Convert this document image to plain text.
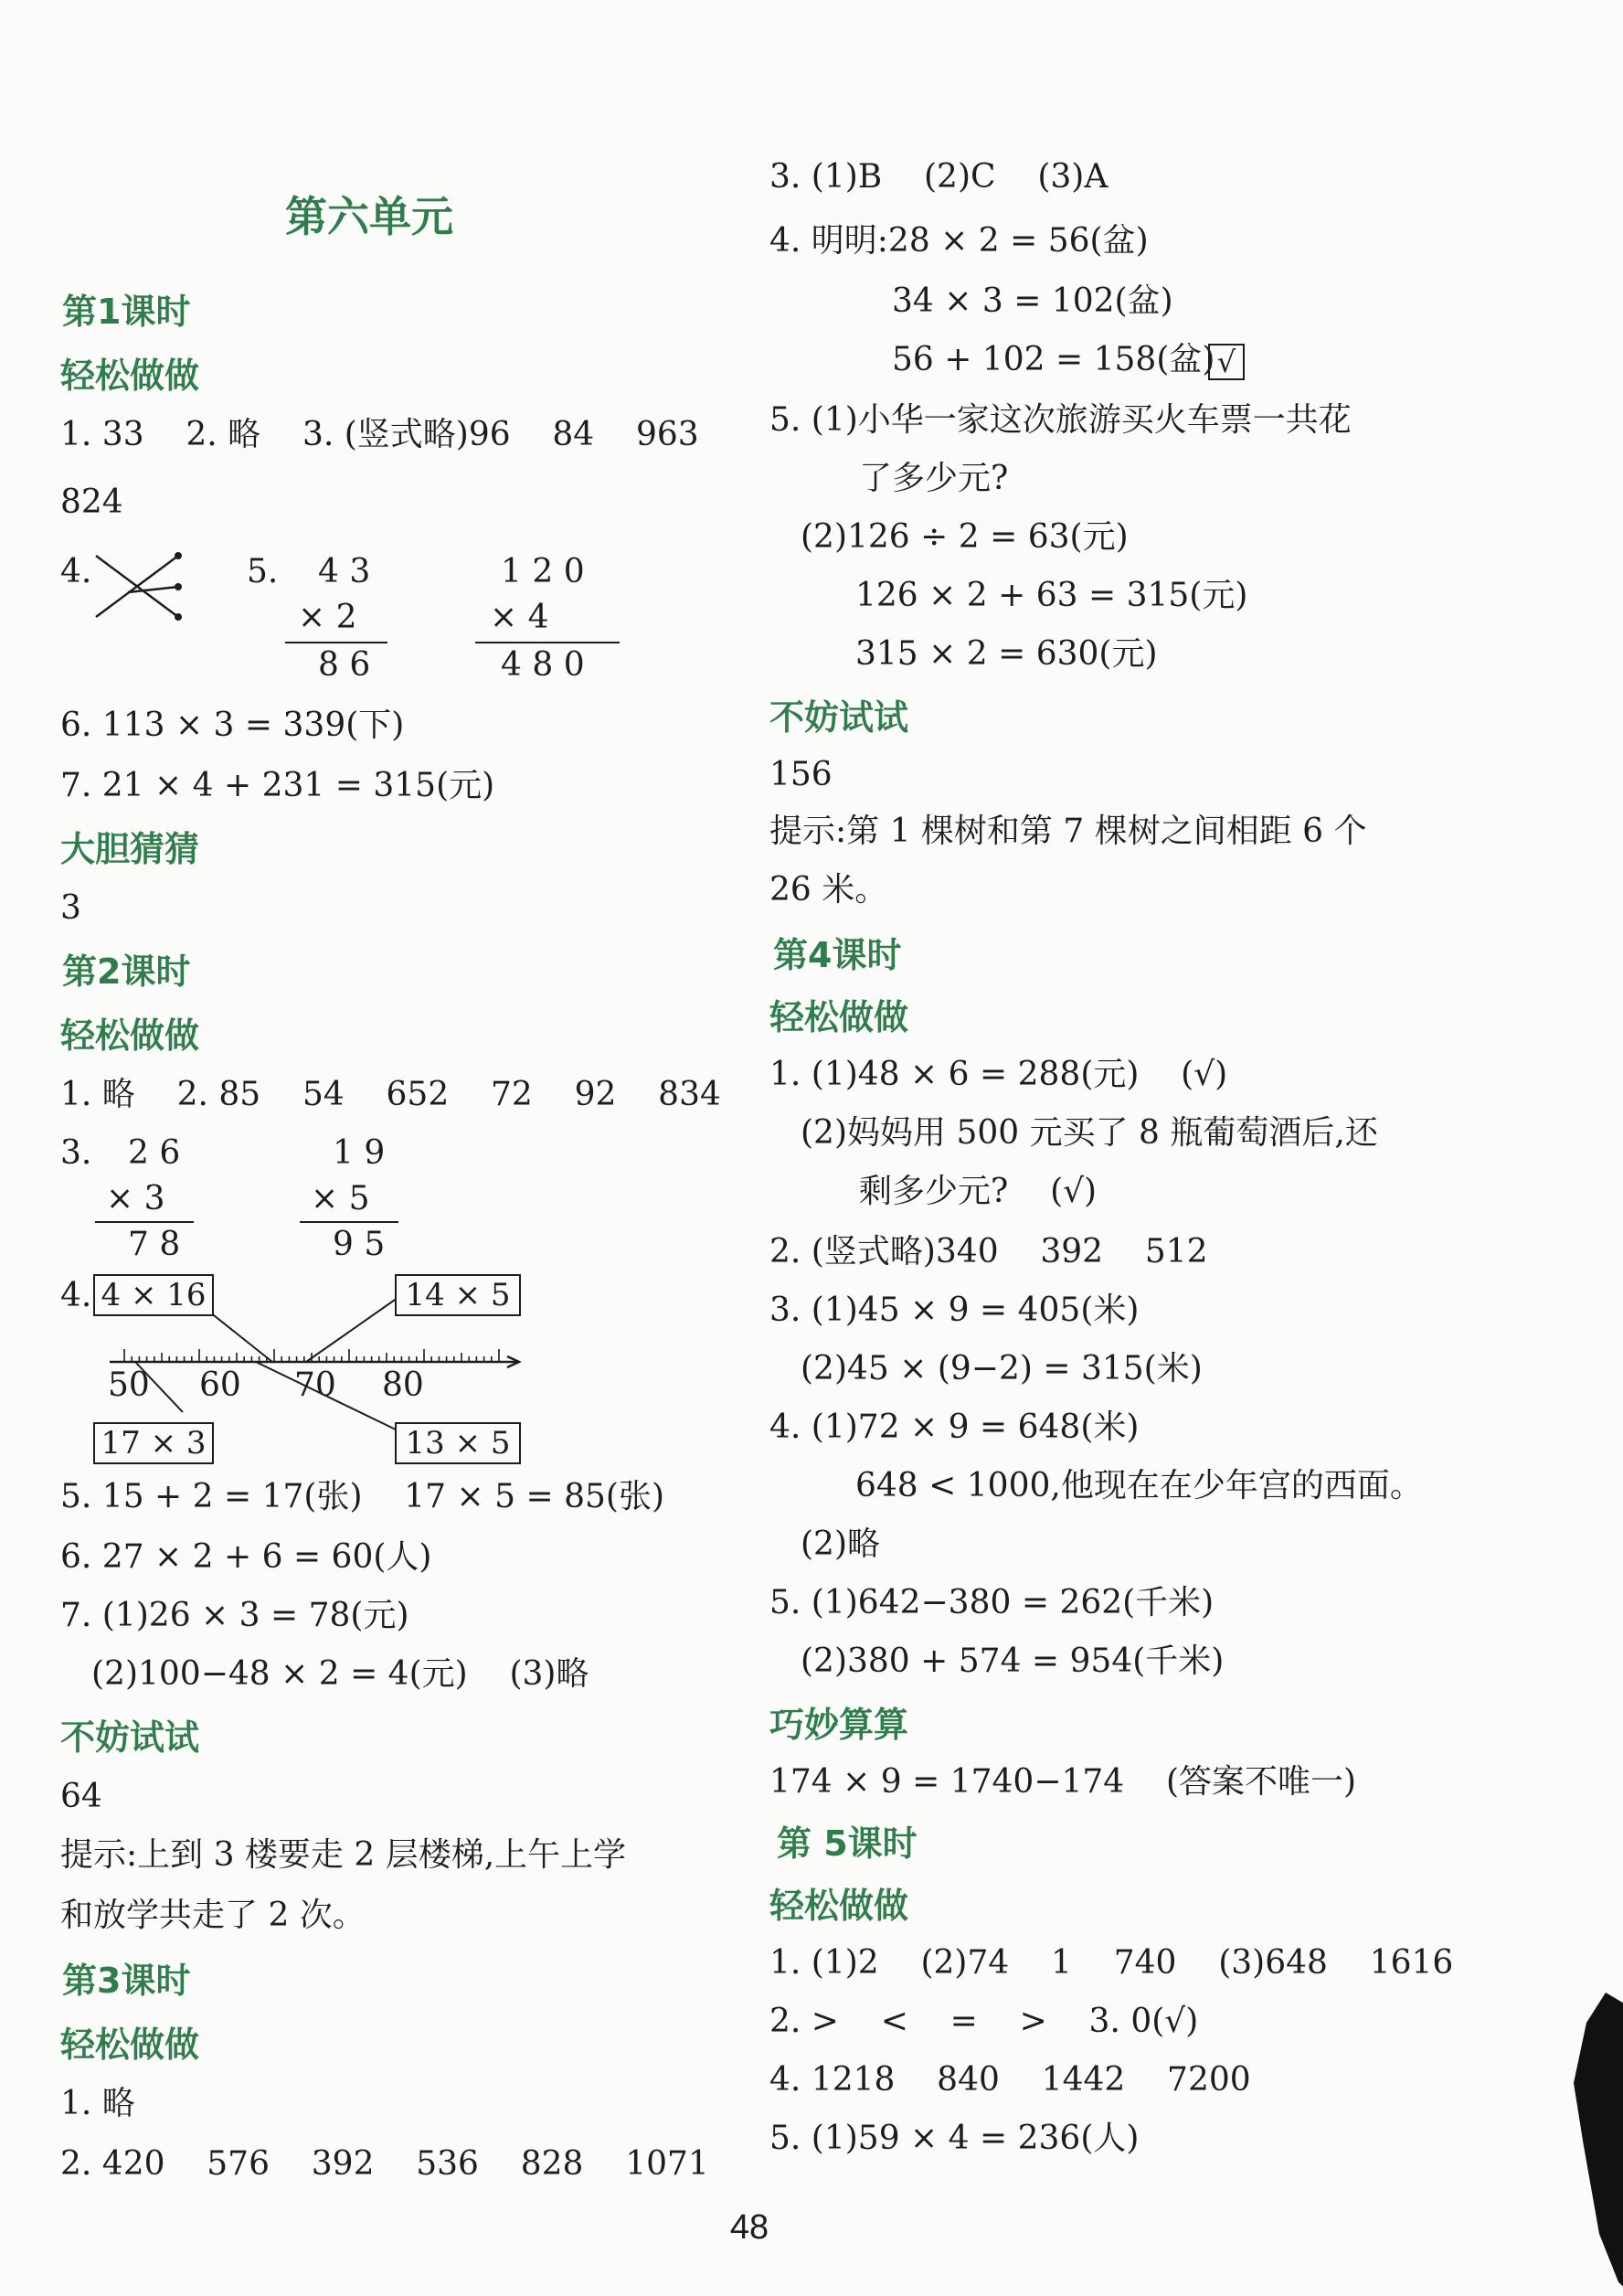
第六单元
第1课时
轻松做做
1. 33    2. 略    3. (竖式略)96    84    963
824
4.	5. 4 3
× 2
8 6
1 2 0
× 4
4 8 0
6. 113 × 3 = 339(下)
7. 21 × 4 + 231 = 315(元)
大胆猜猜
3
第2课时
轻松做做
1. 略    2. 85    54    652    72    92    834
3. 2 6
× 3
7 8
1 9
× 5
9 5
4. 4 × 16	14 × 5
50 60 70 80
17 × 3	13 × 5
5. 15 + 2 = 17(张)    17 × 5 = 85(张)
6. 27 × 2 + 6 = 60(人)
7. (1)26 × 3 = 78(元)
(2)100−48 × 2 = 4(元)    (3)略
不妨试试
64
提示:上到 3 楼要走 2 层楼梯,上午上学
和放学共走了 2 次。
第3课时
轻松做做
1. 略
2. 420    576    392    536    828    1071
3. (1)B    (2)C    (3)A
4. 明明:28 × 2 = 56(盆)
34 × 3 = 102(盆)
56 + 102 = 158(盆) √
5. (1)小华一家这次旅游买火车票一共花
了多少元?
(2)126 ÷ 2 = 63(元)
126 × 2 + 63 = 315(元)
315 × 2 = 630(元)
不妨试试
156
提示:第 1 棵树和第 7 棵树之间相距 6 个
26 米。
第4课时
轻松做做
1. (1)48 × 6 = 288(元)    (√)
(2)妈妈用 500 元买了 8 瓶葡萄酒后,还
剩多少元?    (√)
2. (竖式略)340    392    512
3. (1)45 × 9 = 405(米)
(2)45 × (9−2) = 315(米)
4. (1)72 × 9 = 648(米)
648 < 1000,他现在在少年宫的西面。
(2)略
5. (1)642−380 = 262(千米)
(2)380 + 574 = 954(千米)
巧妙算算
174 × 9 = 1740−174    (答案不唯一)
第 5课时
轻松做做
1. (1)2    (2)74    1    740    (3)648    1616
2. >    <    =    >    3. 0(√)
4. 1218    840    1442    7200
5. (1)59 × 4 = 236(人)
48
